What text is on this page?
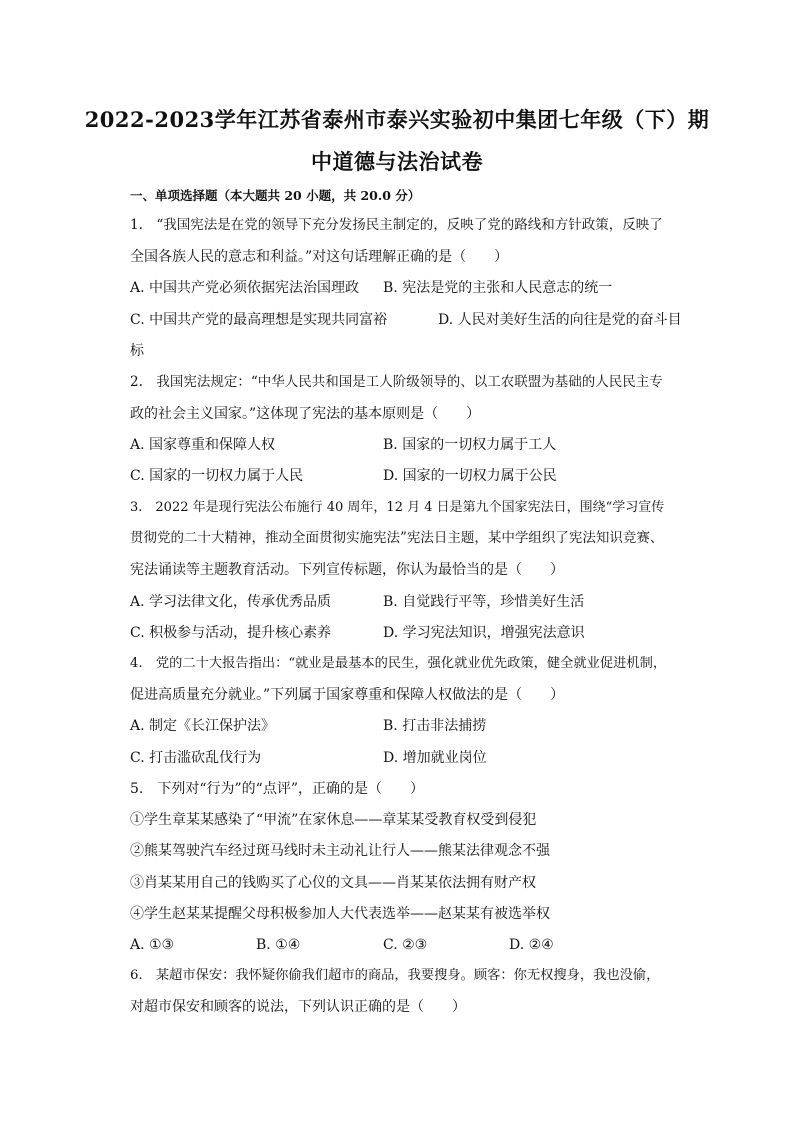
2022-2023学年江苏省泰州市泰兴实验初中集团七年级（下）期
中道德与法治试卷
一、单项选择题（本大题共 20 小题，共 20.0 分）
1.　“我国宪法是在党的领导下充分发扬民主制定的，反映了党的路线和方针政策，反映了
全国各族人民的意志和利益。”对这句话理解正确的是（　　）
A. 中国共产党必须依据宪法治国理政 B. 宪法是党的主张和人民意志的统一
C. 中国共产党的最高理想是实现共同富裕	D. 人民对美好生活的向往是党的奋斗目
标
2.　我国宪法规定：“中华人民共和国是工人阶级领导的、以工农联盟为基础的人民民主专
政的社会主义国家。”这体现了宪法的基本原则是（　　）
A. 国家尊重和保障人权	B. 国家的一切权力属于工人
C. 国家的一切权力属于人民	D. 国家的一切权力属于公民
3.　2022 年是现行宪法公布施行 40 周年，12 月 4 日是第九个国家宪法日，围绕“学习宣传
贯彻党的二十大精神，推动全面贯彻实施宪法”宪法日主题，某中学组织了宪法知识竞赛、
宪法诵读等主题教育活动。下列宣传标题，你认为最恰当的是（　　）
A. 学习法律文化，传承优秀品质	B. 自觉践行平等，珍惜美好生活
C. 积极参与活动，提升核心素养	D. 学习宪法知识，增强宪法意识
4.　党的二十大报告指出：“就业是最基本的民生，强化就业优先政策，健全就业促进机制，
促进高质量充分就业。”下列属于国家尊重和保障人权做法的是（　　）
A. 制定《长江保护法》	B. 打击非法捕捞
C. 打击滥砍乱伐行为	D. 增加就业岗位
5.　下列对“行为”的“点评”，正确的是（　　）
①学生章某某感染了“甲流”在家休息——章某某受教育权受到侵犯
②熊某驾驶汽车经过斑马线时未主动礼让行人——熊某法律观念不强
③肖某某用自己的钱购买了心仪的文具——肖某某依法拥有财产权
④学生赵某某提醒父母积极参加人大代表选举——赵某某有被选举权
A. ①③	B. ①④	C. ②③	D. ②④
6.　某超市保安：我怀疑你偷我们超市的商品，我要搜身。顾客：你无权搜身，我也没偷，
对超市保安和顾客的说法，下列认识正确的是（　　）
